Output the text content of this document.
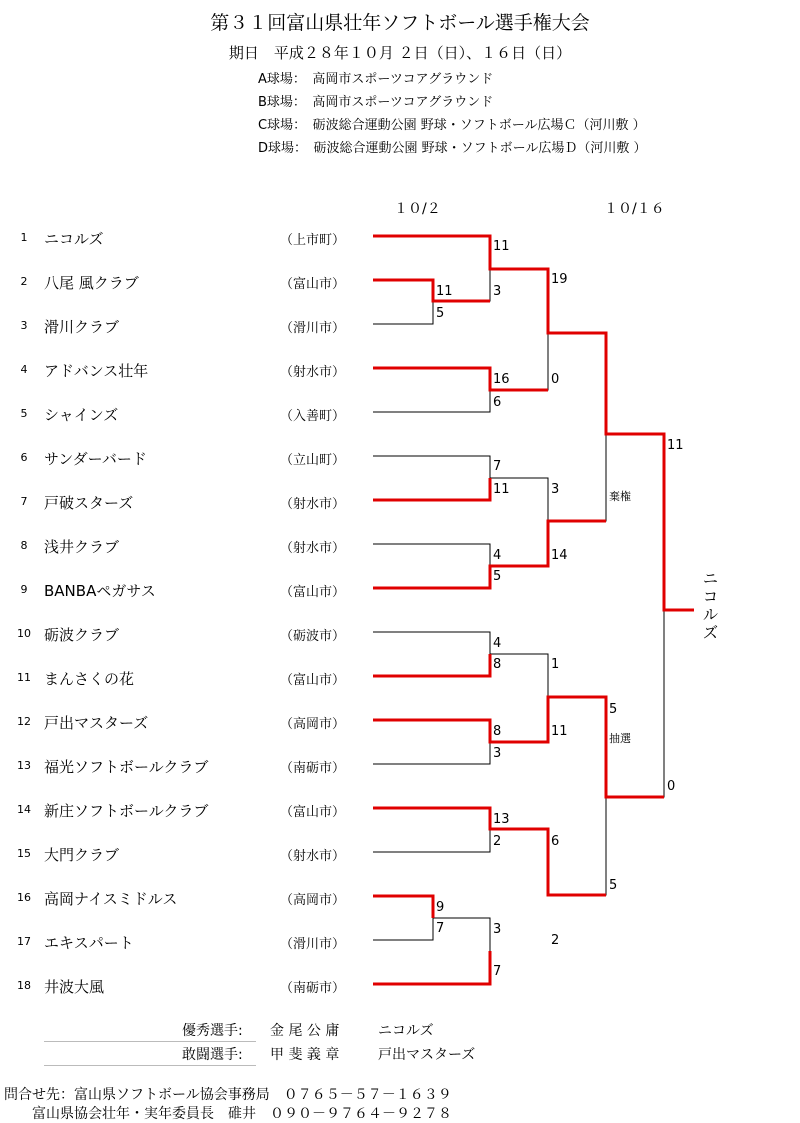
第３１回富山県壮年ソフトボール選手権大会
期日　平成２８年１０月 ２日（日）、１６日（日）
A球場：　高岡市スポーツコアグラウンド
B球場：　高岡市スポーツコアグラウンド
C球場：　砺波総合運動公園 野球・ソフトボール広場Ｃ（河川敷 ）
D球場：　砺波総合運動公園 野球・ソフトボール広場Ｄ（河川敷 ）
１０/２	１０/１６
1	ニコルズ	（上市町）
2	八尾 風クラブ	（富山市）
3	滑川クラブ	（滑川市）
4	アドバンス壮年	（射水市）
5	シャインズ	（入善町）
6	サンダーバード	（立山町）
7	戸破スターズ	（射水市）
8	浅井クラブ	（射水市）
9	BANBAペガサス	（富山市）
10 砺波クラブ	（砺波市）
11 まんさくの花	（富山市）
12 戸出マスターズ	（高岡市）
13 福光ソフトボールクラブ	（南砺市）
14 新庄ソフトボールクラブ	（富山市）
15 大門クラブ	（射水市）
16 高岡ナイスミドルス	（高岡市）
17 エキスパート	（滑川市）
18 井波大風	（南砺市）
11
5
11
3
16
6
7
11
4
5
4
8
8
3
13
2
9
7	3
7
19
0
3
14
1
11
6
2
棄権
5
抽選
5
11
0
ニコルズ
優秀選手: 金 尾 公 庸	ニコルズ
敢闘選手: 甲 斐 義 章	戸出マスターズ
問合せ先：富山県ソフトボール協会事務局　０７６５－５７－１６３９
富山県協会壮年・実年委員長　碓井　０９０－９７６４－９２７８
